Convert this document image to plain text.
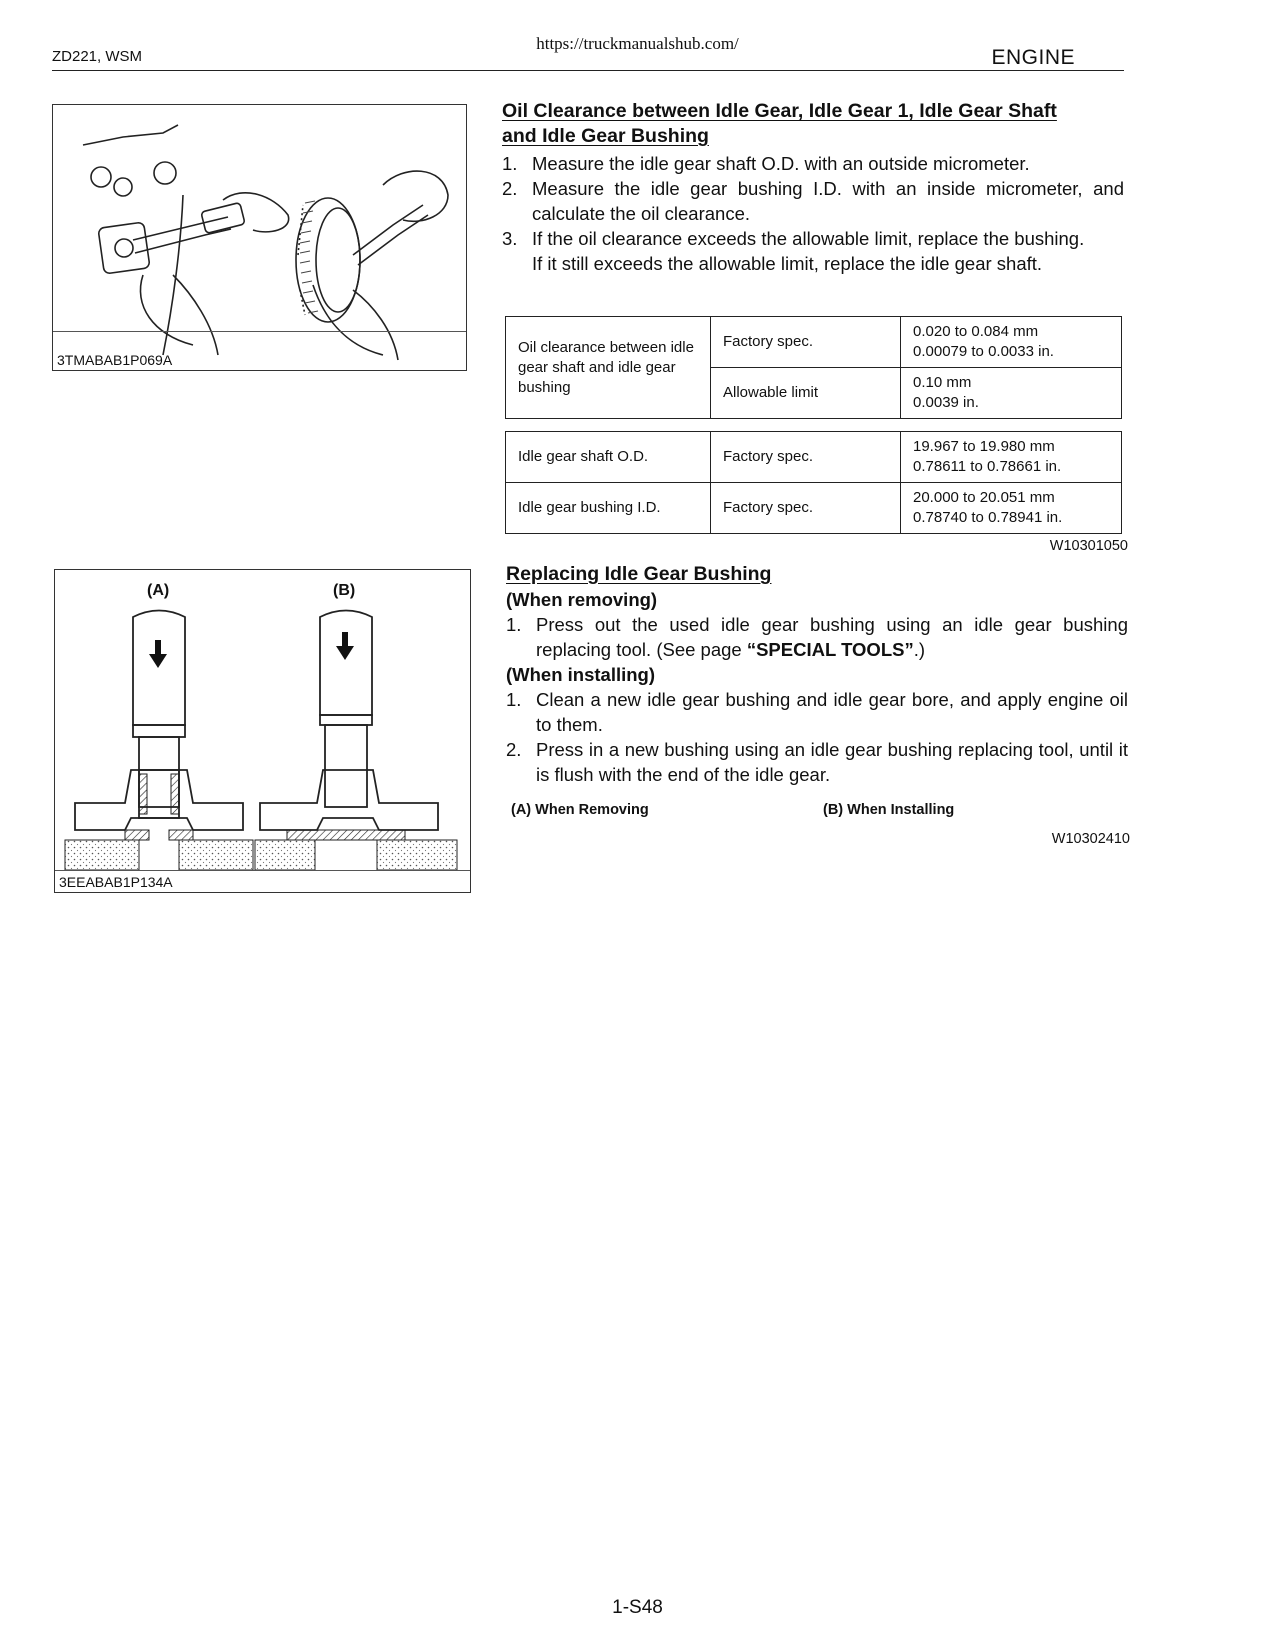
ZD221, WSM
https://truckmanualshub.com/
ENGINE
3TMABAB1P069A
(A)	(B)
3EEABAB1P134A
Oil Clearance between Idle Gear, Idle Gear 1, Idle Gear Shaft
and Idle Gear Bushing
1. Measure the idle gear shaft O.D. with an outside micrometer.
2. Measure the idle gear bushing I.D. with an inside micrometer, and calculate the oil clearance.
3. If the oil clearance exceeds the allowable limit, replace the bushing.
If it still exceeds the allowable limit, replace the idle gear shaft.
Oil clearance between idle gear shaft and idle gear bushing	Factory spec.	0.020 to 0.084 mm
0.00079 to 0.0033 in.
	Allowable limit	0.10 mm
0.0039 in.
Idle gear shaft O.D.	Factory spec.	19.967 to 19.980 mm
0.78611 to 0.78661 in.
Idle gear bushing I.D.	Factory spec.	20.000 to 20.051 mm
0.78740 to 0.78941 in.
W10301050
Replacing Idle Gear Bushing
(When removing)
1. Press out the used idle gear bushing using an idle gear bushing replacing tool. (See page “SPECIAL TOOLS”.)
(When installing)
1. Clean a new idle gear bushing and idle gear bore, and apply engine oil to them.
2. Press in a new bushing using an idle gear bushing replacing tool, until it is flush with the end of the idle gear.
(A) When Removing	(B) When Installing
W10302410
1-S48
